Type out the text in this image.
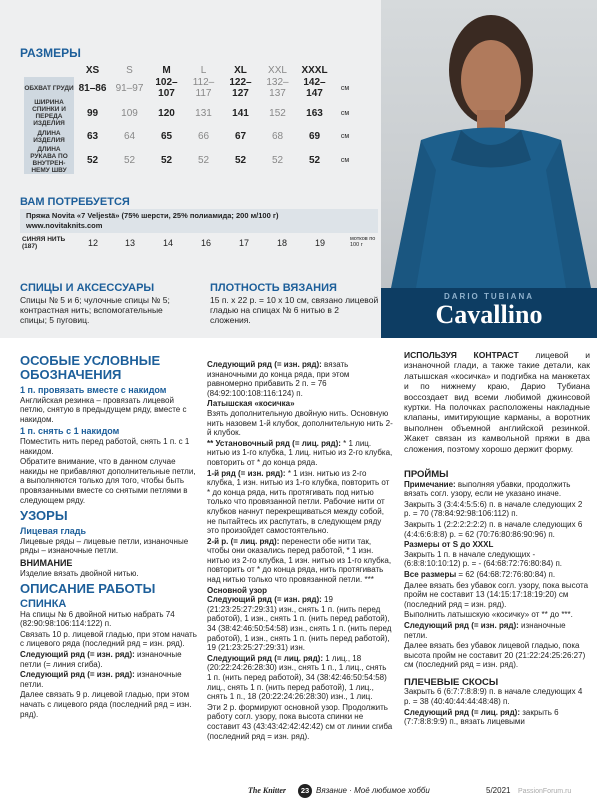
DARIO TUBIANA
Cavallino
РАЗМЕРЫ
	XS	S	M	L	XL	XXL	XXXL	
ОБХВАТ ГРУДИ	81–86	91–97	102–107	112–117	122–127	132– 137	142–147	см
ШИРИНА СПИНКИ И ПЕРЕДА ИЗДЕЛИЯ	99	109	120	131	141	152	163	см
ДЛИНА ИЗДЕЛИЯ	63	64	65	66	67	68	69	см
ДЛИНА РУКАВА ПО ВНУТРЕН-НЕМУ ШВУ	52	52	52	52	52	52	52	см
ВАМ ПОТРЕБУЕТСЯ
Пряжа Novita «7 Veljestä» (75% шерсти, 25% полиамида; 200 м/100 г)
www.novitaknits.com
СИНЯЯ НИТЬ (187)	12	13	14	16	17	18	19	мотков по 100 г
СПИЦЫ И АКСЕССУАРЫ
Спицы № 5 и 6; чулочные спицы № 5; контрастная нить; вспомогательные спицы; 5 пуговиц.
ПЛОТНОСТЬ ВЯЗАНИЯ
15 п. х 22 р. = 10 х 10 см, связано лицевой гладью на спицах № 6 нитью в 2 сложения.
ИСПОЛЬЗУЯ КОНТРАСТ лицевой и изнаночной глади, а также такие детали, как латышская «косичка» и подгибка на манжетах и по нижнему краю, Дарио Тубиана воссоздает вид всеми любимой джинсовой куртки. На полочках расположены накладные клапаны, имитирующие карманы, а воротник выполнен объемной английской резинкой. Жакет связан из камвольной пряжи в два сложения, поэтому хорошо держит форму.
ОСОБЫЕ УСЛОВНЫЕ ОБОЗНАЧЕНИЯ
1 п. провязать вместе с накидом

Английская резинка – провязать лицевой петлю, снятую в предыдущем ряду, вместе с накидом.

1 п. снять с 1 накидом

Поместить нить перед работой, снять 1 п. с 1 накидом.

Обратите внимание, что в данном случае накиды не прибавляют дополнительные петли, а выполняются только для того, чтобы быть провязанными вместе со снятыми петлями в следующем ряду.

УЗОРЫ
Лицевая гладь

Лицевые ряды – лицевые петли, изнаночные ряды – изнаночные петли.

ВНИМАНИЕ

Изделие вязать двойной нитью.

ОПИСАНИЕ РАБОТЫ
СПИНКА

На спицы № 6 двойной нитью набрать 74 (82:90:98:106:114:122) п.

Связать 10 р. лицевой гладью, при этом начать с лицевого ряда (последний ряд = изн. ряд).

Следующий ряд (= изн. ряд): изнаночные петли (= линия сгиба).

Следующий ряд (= изн. ряд): изнаночные петли.

Далее связать 9 р. лицевой гладью, при этом начать с лицевого ряда (последний ряд = изн. ряд).

Следующий ряд (= изн. ряд): вязать изнаночными до конца ряда, при этом равномерно прибавить 2 п. = 76 (84:92:100:108:116:124) п.

Латышская «косичка»

Взять дополнительную двойную нить. Основную нить назовем 1-й клубок, дополнительную нить 2-й клубок.

** Установочный ряд (= лиц. ряд): * 1 лиц. нитью из 1-го клубка, 1 лиц. нитью из 2-го клубка, повторить от * до конца ряда.

1-й ряд (= изн. ряд): * 1 изн. нитью из 2-го клубка, 1 изн. нитью из 1-го клубка, повторить от * до конца ряда, нить протягивать под нитью только что провязанной петли. Рабочие нити от клубков начнут перекрещиваться между собой, не пытайтесь их распутать, в следующем ряду это произойдет самостоятельно.

2-й р. (= лиц. ряд): перенести обе нити так, чтобы они оказались перед работой, * 1 изн. нитью из 2-го клубка, 1 изн. нитью из 1-го клубка, повторить от * до конца ряда, нить протягивать над нитью только что провязанной петли. ***

Основной узор

Следующий ряд (= изн. ряд): 19 (21:23:25:27:29:31) изн., снять 1 п. (нить перед работой), 1 изн., снять 1 п. (нить перед работой), 34 (38:42:46:50:54:58) изн., снять 1 п. (нить перед работой), 1 изн., снять 1 п. (нить перед работой), 19 (21:23:25:27:29:31) изн.

Следующий ряд (= лиц. ряд): 1 лиц., 18 (20:22:24:26:28:30) изн., снять 1 п., 1 лиц., снять 1 п. (нить перед работой), 34 (38:42:46:50:54:58) лиц., снять 1 п. (нить перед работой), 1 лиц., снять 1 п., 18 (20:22:24:26:28:30) изн., 1 лиц.

Эти 2 р. формируют основной узор. Продолжить работу согл. узору, пока высота спинки не составит 43 (43:43:42:42:42:42) см от линии сгиба (последний ряд = изн. ряд).

ПРОЙМЫ

Примечание: выполняя убавки, продолжить вязать согл. узору, если не указано иначе.

Закрыть 3 (3:4:4:5:5:6) п. в начале следующих 2 р. = 70 (78:84:92:98:106:112) п.

Закрыть 1 (2:2:2:2:2:2) п. в начале следующих 6 (4:4:6:6:8:8) р. = 62 (70:76:80:86:90:96) п.

Размеры от S до XXXL

Закрыть 1 п. в начале следующих - (6:8:8:10:10:12) р. = - (64:68:72:76:80:84) п.

Все размеры = 62 (64:68:72:76:80:84) п.

Далее вязать без убавок согл. узору, пока высота пройм не составит 13 (14:15:17:18:19:20) см (последний ряд = изн. ряд).

Выполнить латышскую «косичку» от ** до ***.

Следующий ряд (= изн. ряд): изнаночные петли.

Далее вязать без убавок лицевой гладью, пока высота пройм не составит 20 (21:22:24:25:26:27) см (последний ряд = изн. ряд).

ПЛЕЧЕВЫЕ СКОСЫ

Закрыть 6 (6:7:7:8:8:9) п. в начале следующих 4 р. = 38 (40:40:44:44:48:48) п.

Следующий ряд (= лиц. ряд): закрыть 6 (7:7:8:8:9:9) п., вязать лицевыми

The Knitter	23 Вязание · Моё любимое хобби	5/2021 PassionForum.ru
